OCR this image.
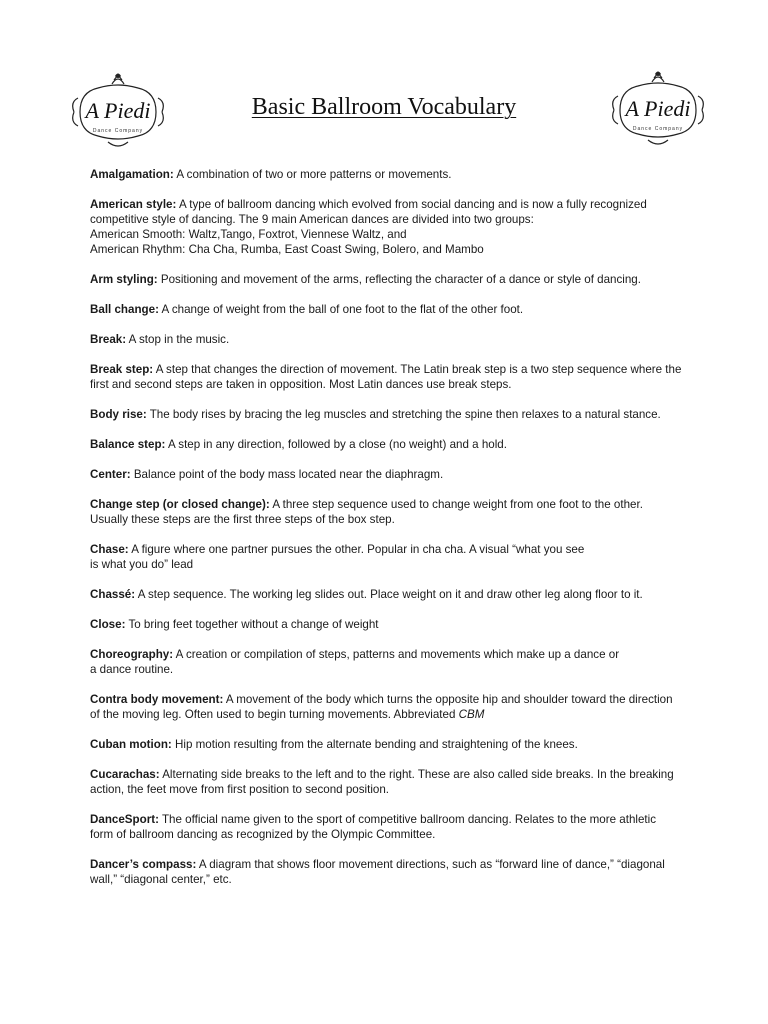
A Piedi
Dance Company
Basic Ballroom Vocabulary	A Piedi
Dance Company

Amalgamation: A combination of two or more patterns or movements.

American style: A type of ballroom dancing which evolved from social dancing and is now a fully recognized competitive style of dancing. The 9 main American dances are divided into two groups:
American Smooth: Waltz,Tango, Foxtrot, Viennese Waltz, and
American Rhythm: Cha Cha, Rumba, East Coast Swing, Bolero, and Mambo

Arm styling: Positioning and movement of the arms, reflecting the character of a dance or style of dancing.

Ball change: A change of weight from the ball of one foot to the flat of the other foot.

Break: A stop in the music.

Break step: A step that changes the direction of movement. The Latin break step is a two step sequence where the first and second steps are taken in opposition. Most Latin dances use break steps.

Body rise: The body rises by bracing the leg muscles and stretching the spine then relaxes to a natural stance.

Balance step: A step in any direction, followed by a close (no weight) and a hold.

Center: Balance point of the body mass located near the diaphragm.

Change step (or closed change): A three step sequence used to change weight from one foot to the other. Usually these steps are the first three steps of the box step.

Chase: A figure where one partner pursues the other. Popular in cha cha. A visual “what you see
is what you do” lead

Chassé: A step sequence. The working leg slides out. Place weight on it and draw other leg along floor to it.

Close: To bring feet together without a change of weight

Choreography: A creation or compilation of steps, patterns and movements which make up a dance or
a dance routine.

Contra body movement: A movement of the body which turns the opposite hip and shoulder toward the direction of the moving leg. Often used to begin turning movements. Abbreviated CBM

Cuban motion: Hip motion resulting from the alternate bending and straightening of the knees.

Cucarachas: Alternating side breaks to the left and to the right. These are also called side breaks. In the breaking action, the feet move from first position to second position.

DanceSport: The official name given to the sport of competitive ballroom dancing. Relates to the more athletic form of ballroom dancing as recognized by the Olympic Committee.

Dancer’s compass: A diagram that shows floor movement directions, such as “forward line of dance,” “diagonal wall,” “diagonal center,” etc.
